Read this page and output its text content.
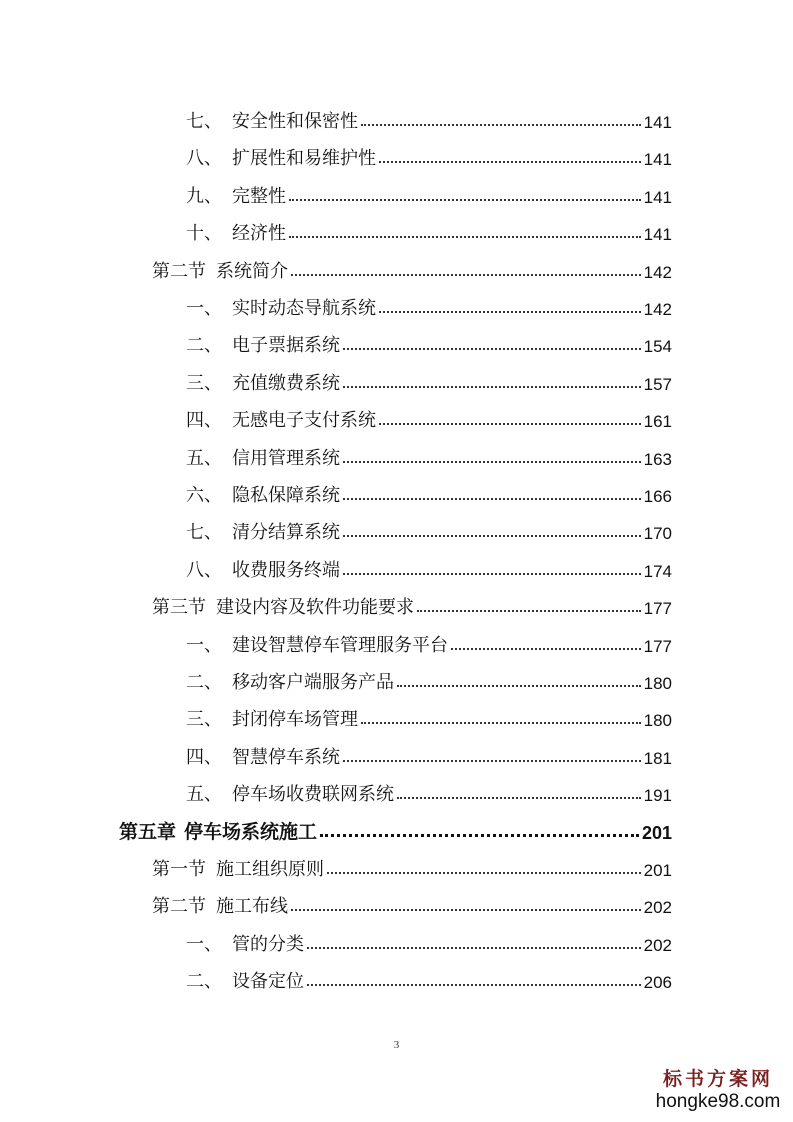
七、 安全性和保密性	141
八、 扩展性和易维护性	141
九、 完整性	141
十、 经济性	141
第二节 系统简介	142
一、 实时动态导航系统	142
二、 电子票据系统	154
三、 充值缴费系统	157
四、 无感电子支付系统	161
五、 信用管理系统	163
六、 隐私保障系统	166
七、 清分结算系统	170
八、 收费服务终端	174
第三节 建设内容及软件功能要求	177
一、 建设智慧停车管理服务平台	177
二、 移动客户端服务产品	180
三、 封闭停车场管理	180
四、 智慧停车系统	181
五、 停车场收费联网系统	191
第五章 停车场系统施工	201
第一节 施工组织原则	201
第二节 施工布线	202
一、 管的分类	202
二、 设备定位	206
3
标书方案网
hongke98.com
